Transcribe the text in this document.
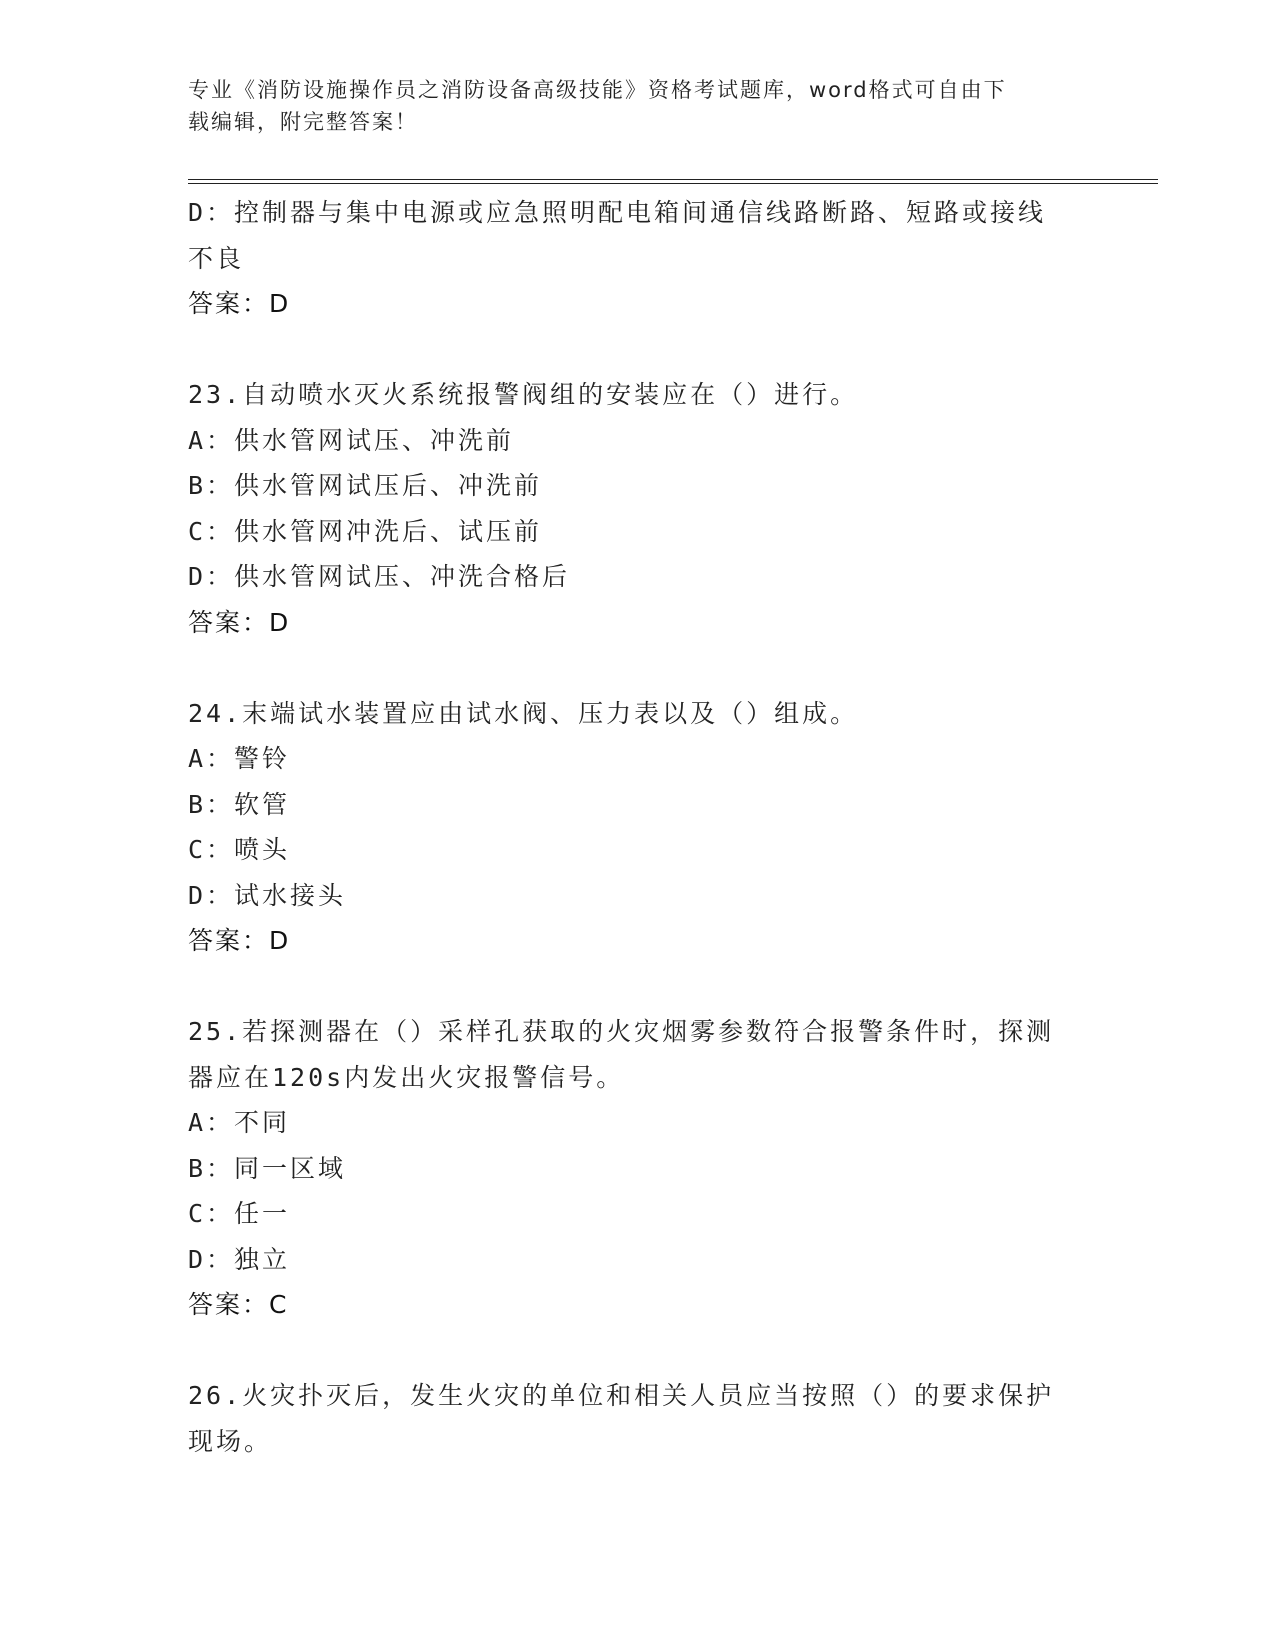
专业《消防设施操作员之消防设备高级技能》资格考试题库，word格式可自由下
载编辑，附完整答案！
D：控制器与集中电源或应急照明配电箱间通信线路断路、短路或接线
不良
答案：D
23.自动喷水灭火系统报警阀组的安装应在（）进行。
A：供水管网试压、冲洗前
B：供水管网试压后、冲洗前
C：供水管网冲洗后、试压前
D：供水管网试压、冲洗合格后
答案：D
24.末端试水装置应由试水阀、压力表以及（）组成。
A：警铃
B：软管
C：喷头
D：试水接头
答案：D
25.若探测器在（）采样孔获取的火灾烟雾参数符合报警条件时，探测
器应在120s内发出火灾报警信号。
A：不同
B：同一区域
C：任一
D：独立
答案：C
26.火灾扑灭后，发生火灾的单位和相关人员应当按照（）的要求保护
现场。
